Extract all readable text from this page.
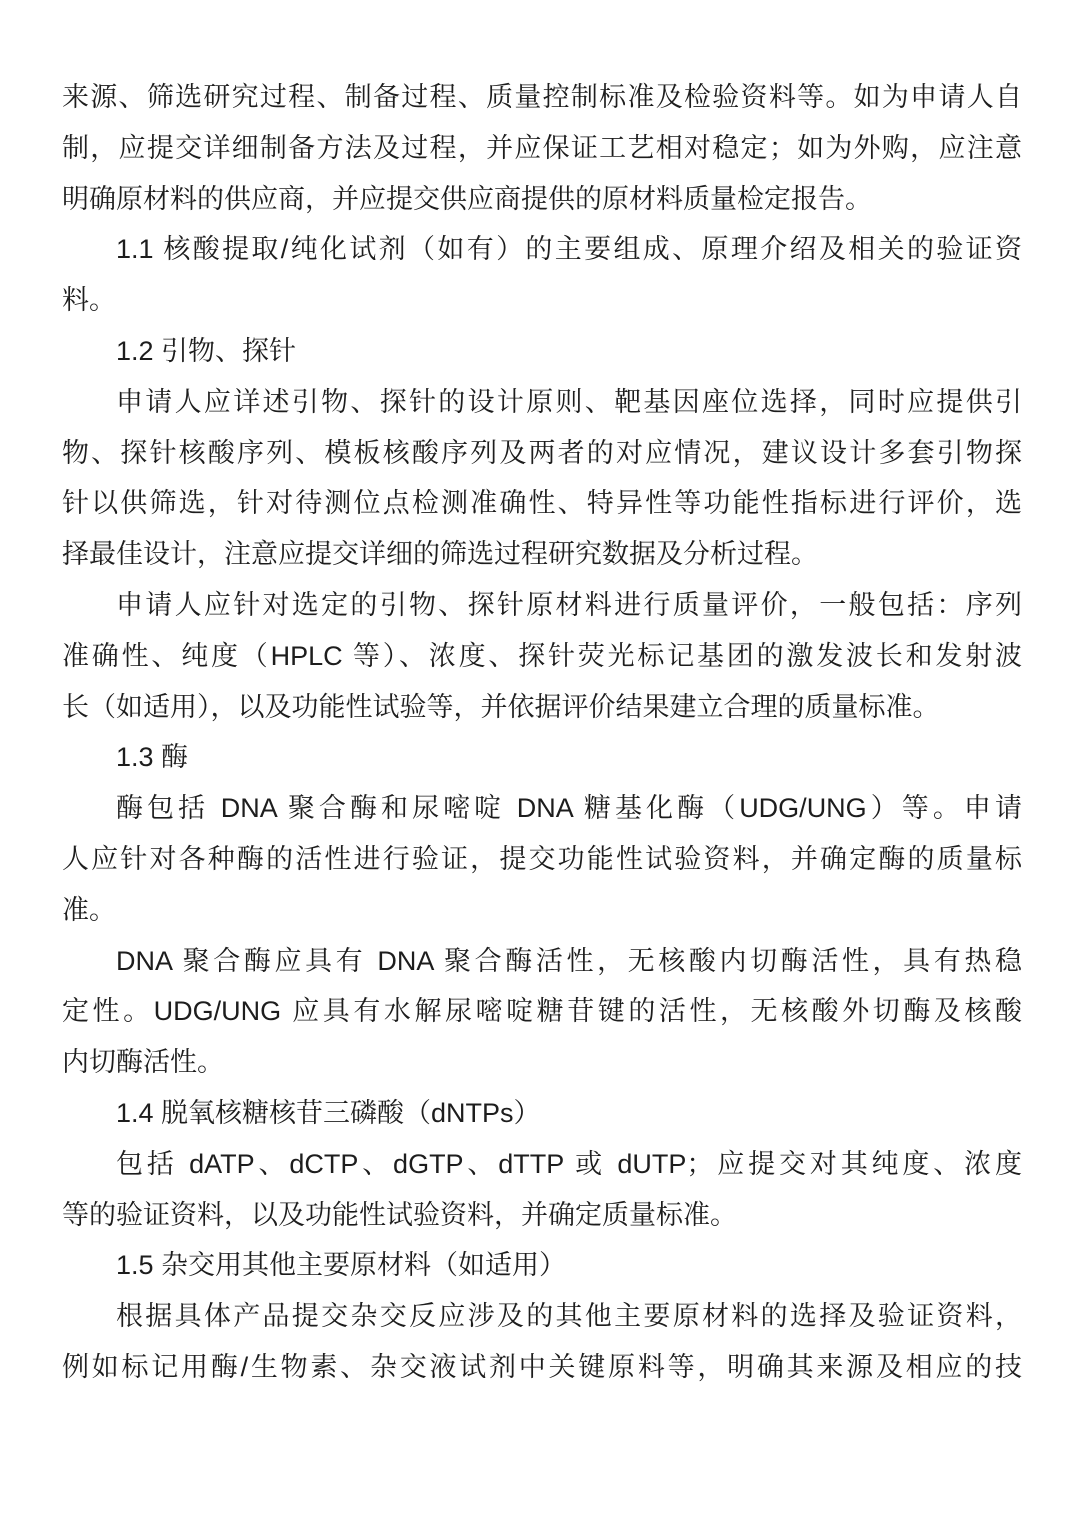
来源、筛选研究过程、制备过程、质量控制标准及检验资料等。如为申请人自
制，应提交详细制备方法及过程，并应保证工艺相对稳定；如为外购，应注意
明确原材料的供应商，并应提交供应商提供的原材料质量检定报告。
1.1 核酸提取/纯化试剂（如有）的主要组成、原理介绍及相关的验证资
料。
1.2 引物、探针
申请人应详述引物、探针的设计原则、靶基因座位选择，同时应提供引
物、探针核酸序列、模板核酸序列及两者的对应情况，建议设计多套引物探
针以供筛选，针对待测位点检测准确性、特异性等功能性指标进行评价，选
择最佳设计，注意应提交详细的筛选过程研究数据及分析过程。
申请人应针对选定的引物、探针原材料进行质量评价，一般包括：序列
准确性、纯度（HPLC 等）、浓度、探针荧光标记基团的激发波长和发射波
长（如适用），以及功能性试验等，并依据评价结果建立合理的质量标准。
1.3 酶
酶包括 DNA 聚合酶和尿嘧啶 DNA 糖基化酶（UDG/UNG）等。申请
人应针对各种酶的活性进行验证，提交功能性试验资料，并确定酶的质量标
准。
DNA 聚合酶应具有 DNA 聚合酶活性，无核酸内切酶活性，具有热稳
定性。UDG/UNG 应具有水解尿嘧啶糖苷键的活性，无核酸外切酶及核酸
内切酶活性。
1.4 脱氧核糖核苷三磷酸（dNTPs）
包括 dATP、dCTP、dGTP、dTTP 或 dUTP；应提交对其纯度、浓度
等的验证资料，以及功能性试验资料，并确定质量标准。
1.5 杂交用其他主要原材料（如适用）
根据具体产品提交杂交反应涉及的其他主要原材料的选择及验证资料，
例如标记用酶/生物素、杂交液试剂中关键原料等，明确其来源及相应的技
